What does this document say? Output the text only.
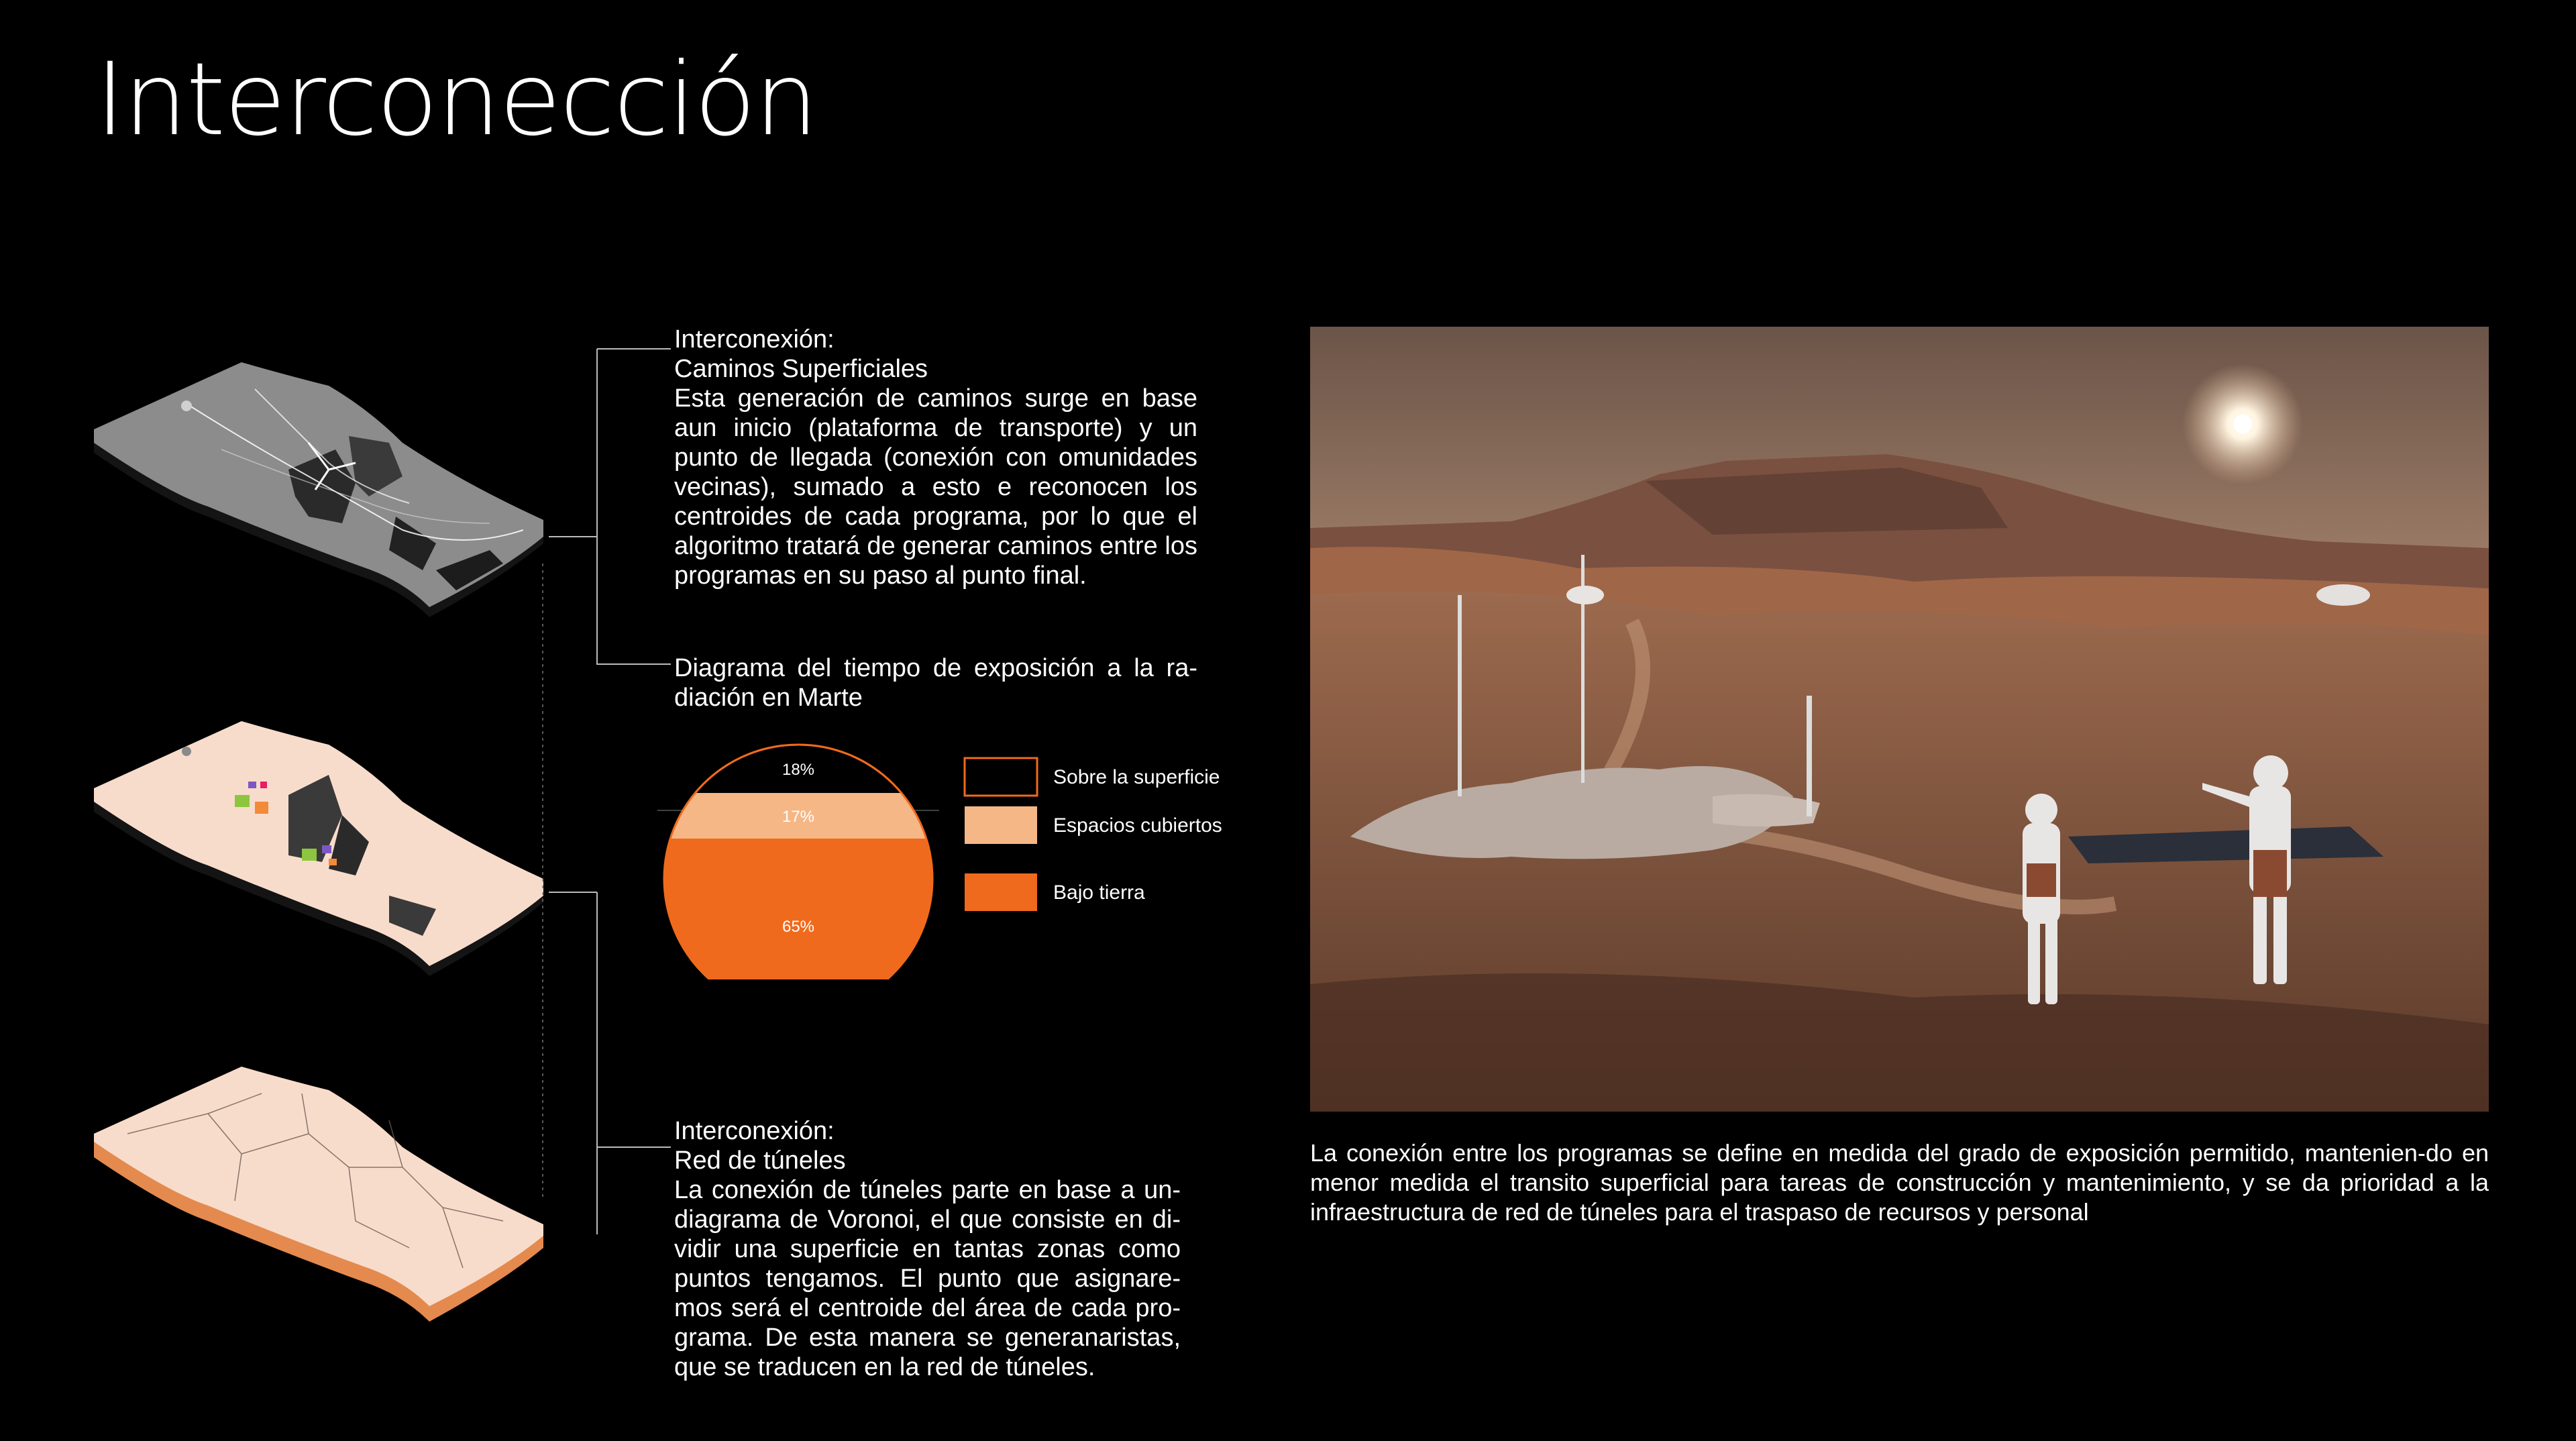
Interconección
Interconexión:
Caminos Superficiales
Esta generación de caminos surge en base aun inicio (plataforma de transporte) y un punto de llegada (conexión con omunidades vecinas), sumado a esto e reconocen los centroides de cada programa, por lo que el algoritmo tratará de generar caminos entre los programas en su paso al punto final.
Diagrama del tiempo de exposición a la ra-diación en Marte
18%
17%
65%
Sobre la superficie
Espacios cubiertos
Bajo tierra
Interconexión:
Red de túneles
La conexión de túneles parte en base a un-diagrama de Voronoi, el que consiste en di-vidir una superficie en tantas zonas como puntos tengamos. El punto que asignare-mos será el centroide del área de cada pro-grama. De esta manera se generanaristas, que se traducen en la red de túneles.
La conexión entre los programas se define en medida del grado de exposición permitido, mantenien-do en menor medida el transito superficial para tareas de construcción y mantenimiento, y se da prioridad a la infraestructura de red de túneles para el traspaso de recursos y personal
